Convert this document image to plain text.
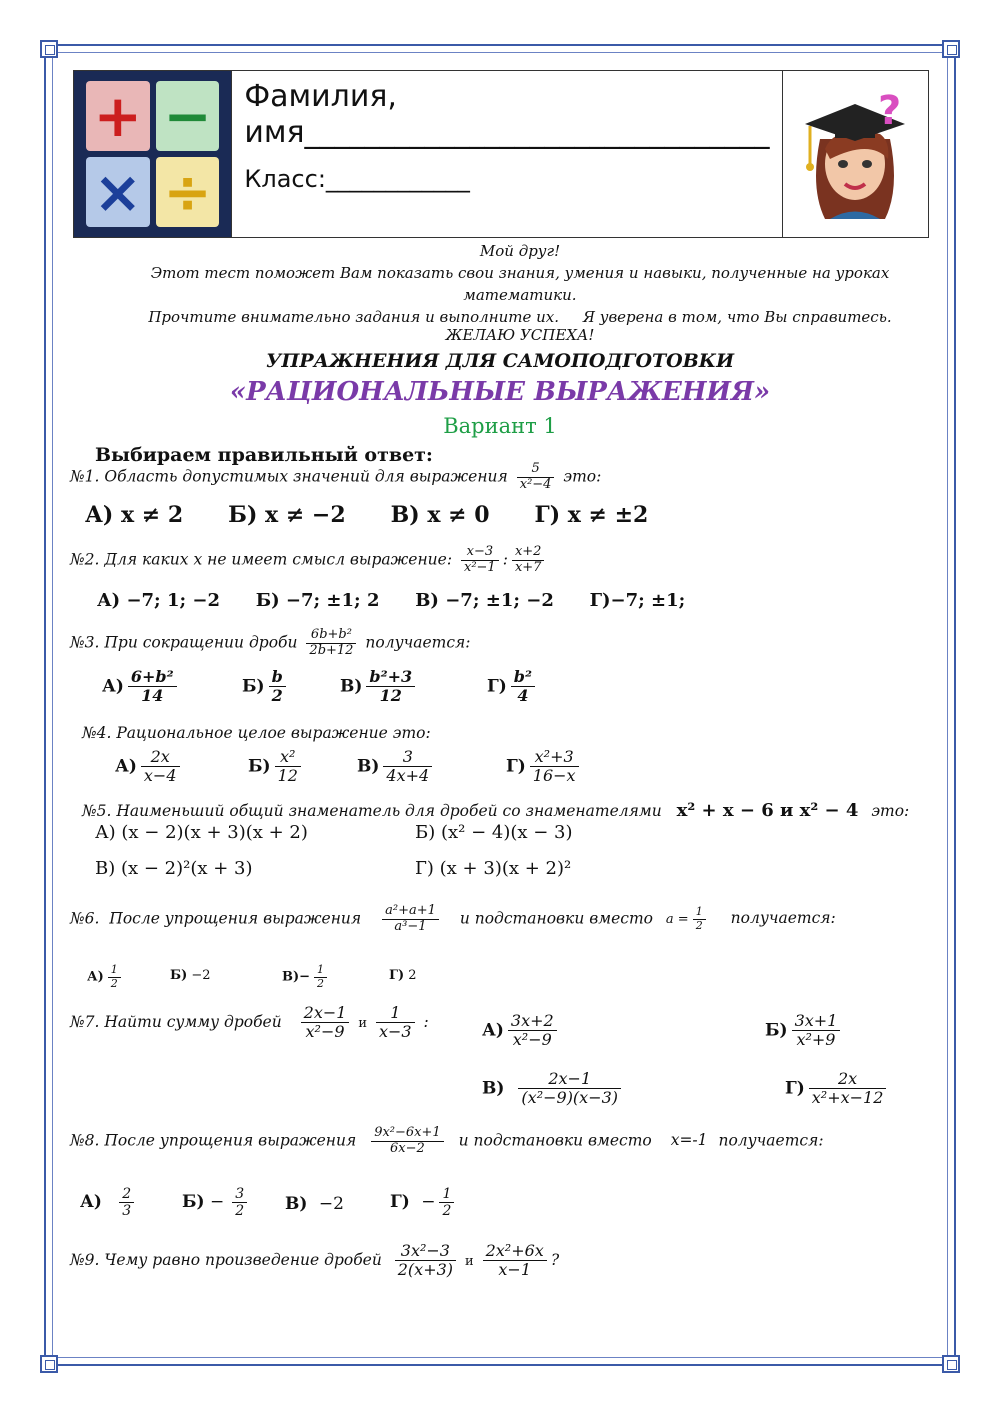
+ −
× ÷
Фамилия,
имя_______________________________
Класс:____________
?
Мой друг!
Этот тест поможет Вам показать свои знания, умения и навыки, полученные на уроках математики.
Прочтите внимательно задания и выполните их.     Я уверена в том, что Вы справитесь.
ЖЕЛАЮ УСПЕХА!
УПРАЖНЕНИЯ ДЛЯ САМОПОДГОТОВКИ
«РАЦИОНАЛЬНЫЕ ВЫРАЖЕНИЯ»
Вариант 1
Выбираем правильный ответ:
№1. Область допустимых значений для выражения $\frac{5}{\text{x²−4}}$ это:
А) x ≠ 2 Б) x ≠ −2 В) x ≠ 0 Г) x ≠ ±2
№2. Для каких x не имеет смысл выражение: $\frac{x-3}{\text{x²−1}}$ : $\frac{x+2}{x+7}$
А) −7; 1; −2 Б) −7; ±1; 2 В) −7; ±1; −2 Г)−7; ±1;
№3. При сокращении дроби $\frac{\text{6b+b²}}{2b+12}$ получается:
$А) \frac{\text{6+b²}}{14}$	$Б) \frac{b}{2}$	$В) \frac{\text{b²+3}}{12}$	$Г) \frac{\text{b²}}{4}$
№4. Рациональное целое выражение это:
$А) \frac{2x}{x-4}$	$Б) \frac{\text{x²}}{12}$	$В) \frac{3}{4x+4}$	$Г) \frac{\text{x²+3}}{16-x}$
№5. Наименьший общий знаменатель для дробей со знаменателями x² + x − 6 и x² − 4 это:
А) (x − 2)(x + 3)(x + 2)	Б) (x² − 4)(x − 3)
В) (x − 2)²(x + 3)	Г) (x + 3)(x + 2)²
№6.  После упрощения выражения $\frac{\text{a²+a+1}}{\text{a³−1}}$ и подстановки вместо $a = \frac{1}{2}$ получается:
$А) \frac{1}{2}$	Б) −2	$В)- \frac{1}{2}$	Г) 2
№7. Найти сумму дробей $\frac{2x-1}{\text{x²−9}}$ и $\frac{1}{x-3}$ :	$А) \frac{3x+2}{\text{x²−9}}$	$Б) \frac{3x+1}{\text{x²+9}}$
$В) \frac{2x-1}{\text{(x²−9)(x−3)}}$	$Г) \frac{2x}{\text{x²+x−12}}$
№8. После упрощения выражения $\frac{\text{9x²−6x+1}}{6x-2}$ и подстановки вместо x=-1 получается:
$А) \frac{2}{3}$	$Б) - \frac{3}{2} В) -2$	$Г) - \frac{1}{2}$
№9. Чему равно произведение дробей $\frac{\text{3x²−3}}{2(x+3)}$ и $\frac{\text{2x²+6x}}{x-1}$ ?
